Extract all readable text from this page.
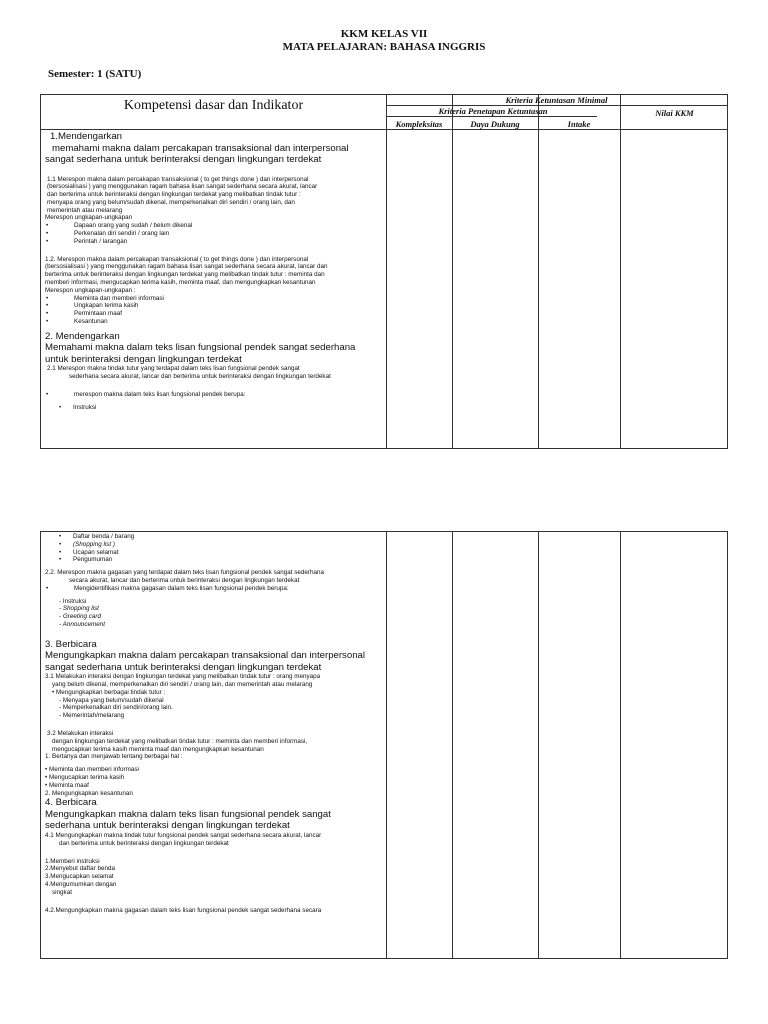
KKM KELAS VII
MATA PELAJARAN: BAHASA INGGRIS
Semester: 1 (SATU)
Kompetensi dasar dan Indikator	Kriteria Ketuntasan Minimal
Kriteria Penetapan Ketuntasan
Kompleksitas	Daya Dukung	Intake
Nilai KKM
1.Mendengarkan
memahami makna dalam percakapan transaksional dan interpersonal
sangat sederhana untuk berinteraksi dengan lingkungan terdekat
1.1 Merespon makna dalam percakapan transaksional ( to get things done ) dan interpersonal
(bersosialisasi ) yang menggunakan ragam bahasa lisan sangat sederhana secara akurat, lancar
dan berterima untuk berinteraksi dengan lingkungan terdekat yang melibatkan tindak tutur :
menyapa orang yang belum/sudah dikenal, memperkenalkan diri sendiri / orang lain, dan
memerintah atau melarang
Merespon ungkapan-ungkapan
•	Dapaan orang yang sudah / belum dikenal
•	Perkenalan diri sendiri / orang lain
•	Perintah / larangan
1.2. Merespon makna dalam percakapan transaksional ( to get things done ) dan interpersonal
(bersosialisasi ) yang menggunakan ragam bahasa lisan sangat sederhana secara akurat, lancar dan
berterima untuk berinteraksi dengan lingkungan terdekat yang melibatkan tindak tutur : meminta dan
memberi informasi, mengucapkan terima kasih, meminta maaf, dan mengungkapkan kesantunan
Merespon ungkapan-ungkapan :
•	Meminta dan memberi informasi
•	Ungkapan terima kasih
•	Permintaan maaf
•	Kesantunan
2. Mendengarkan
Memahami makna dalam teks lisan fungsional pendek sangat sederhana
untuk berinteraksi dengan lingkungan terdekat
2.1 Merespon makna tindak tutur yang terdapat dalam teks lisan fungsional pendek sangat
sederhana secara akurat, lancar dan berterima untuk berinteraksi dengan lingkungan terdekat
•	merespon makna dalam teks lisan fungsional pendek berupa:
• Instruksi
• Daftar benda / barang
• (Shopping list )
• Ucapan selamat
• Pengumuman
2.2. Merespon makna gagasan yang terdapat dalam teks lisan fungsional pendek sangat sederhana
secara akurat, lancar dan berterima untuk berinteraksi dengan lingkungan terdekat
•	Mengidentifikasi makna gagasan dalam teks lisan fungsional pendek berupa:
- Instruksi
- Shopping list
- Greeting card
- Announcement
3. Berbicara
Mengungkapkan makna dalam percakapan transaksional dan interpersonal
sangat sederhana untuk berinteraksi dengan lingkungan terdekat
3.1 Melakukan interaksi dengan lingkungan terdekat yang melibatkan tindak tutur : orang menyapa
yang belum dikenal, memperkenalkan diri sendiri / orang lain, dan memerintah atau melarang
• Mengungkapkan berbagai tindak tutur :
- Menyapa yang belum/sudah dikenal
- Memperkenalkan diri sendiri/orang lain.
- Memerintah/melarang
3.2 Melakukan interaksi
dengan lingkungan terdekat yang melibatkan tindak tutur : meminta dan memberi informasi,
mengucapkan terima kasih meminta maaf dan mengungkapkan kesantunan
1. Bertanya dan menjawab tentang berbagai hal :
• Meminta dan memberi informasi
• Mengucapkan terima kasih
• Meminta maaf
2. Mengungkapkan kesantunan
4. Berbicara
Mengungkapkan makna dalam teks lisan fungsional pendek sangat
sederhana untuk berinteraksi dengan lingkungan terdekat
4.1 Mengungkapkan makna tindak tutur fungsional pendek sangat sederhana secara akurat, lancar
dan berterima untuk berinteraksi dengan lingkungan terdekat
1.Memberi instruksi
2.Menyebut daftar benda
3.Mengucapkan selamat
4.Mengumumkan dengan
singkat
4.2.Mengungkapkan makna gagasan dalam teks lisan fungsional pendek sangat sederhana secara
